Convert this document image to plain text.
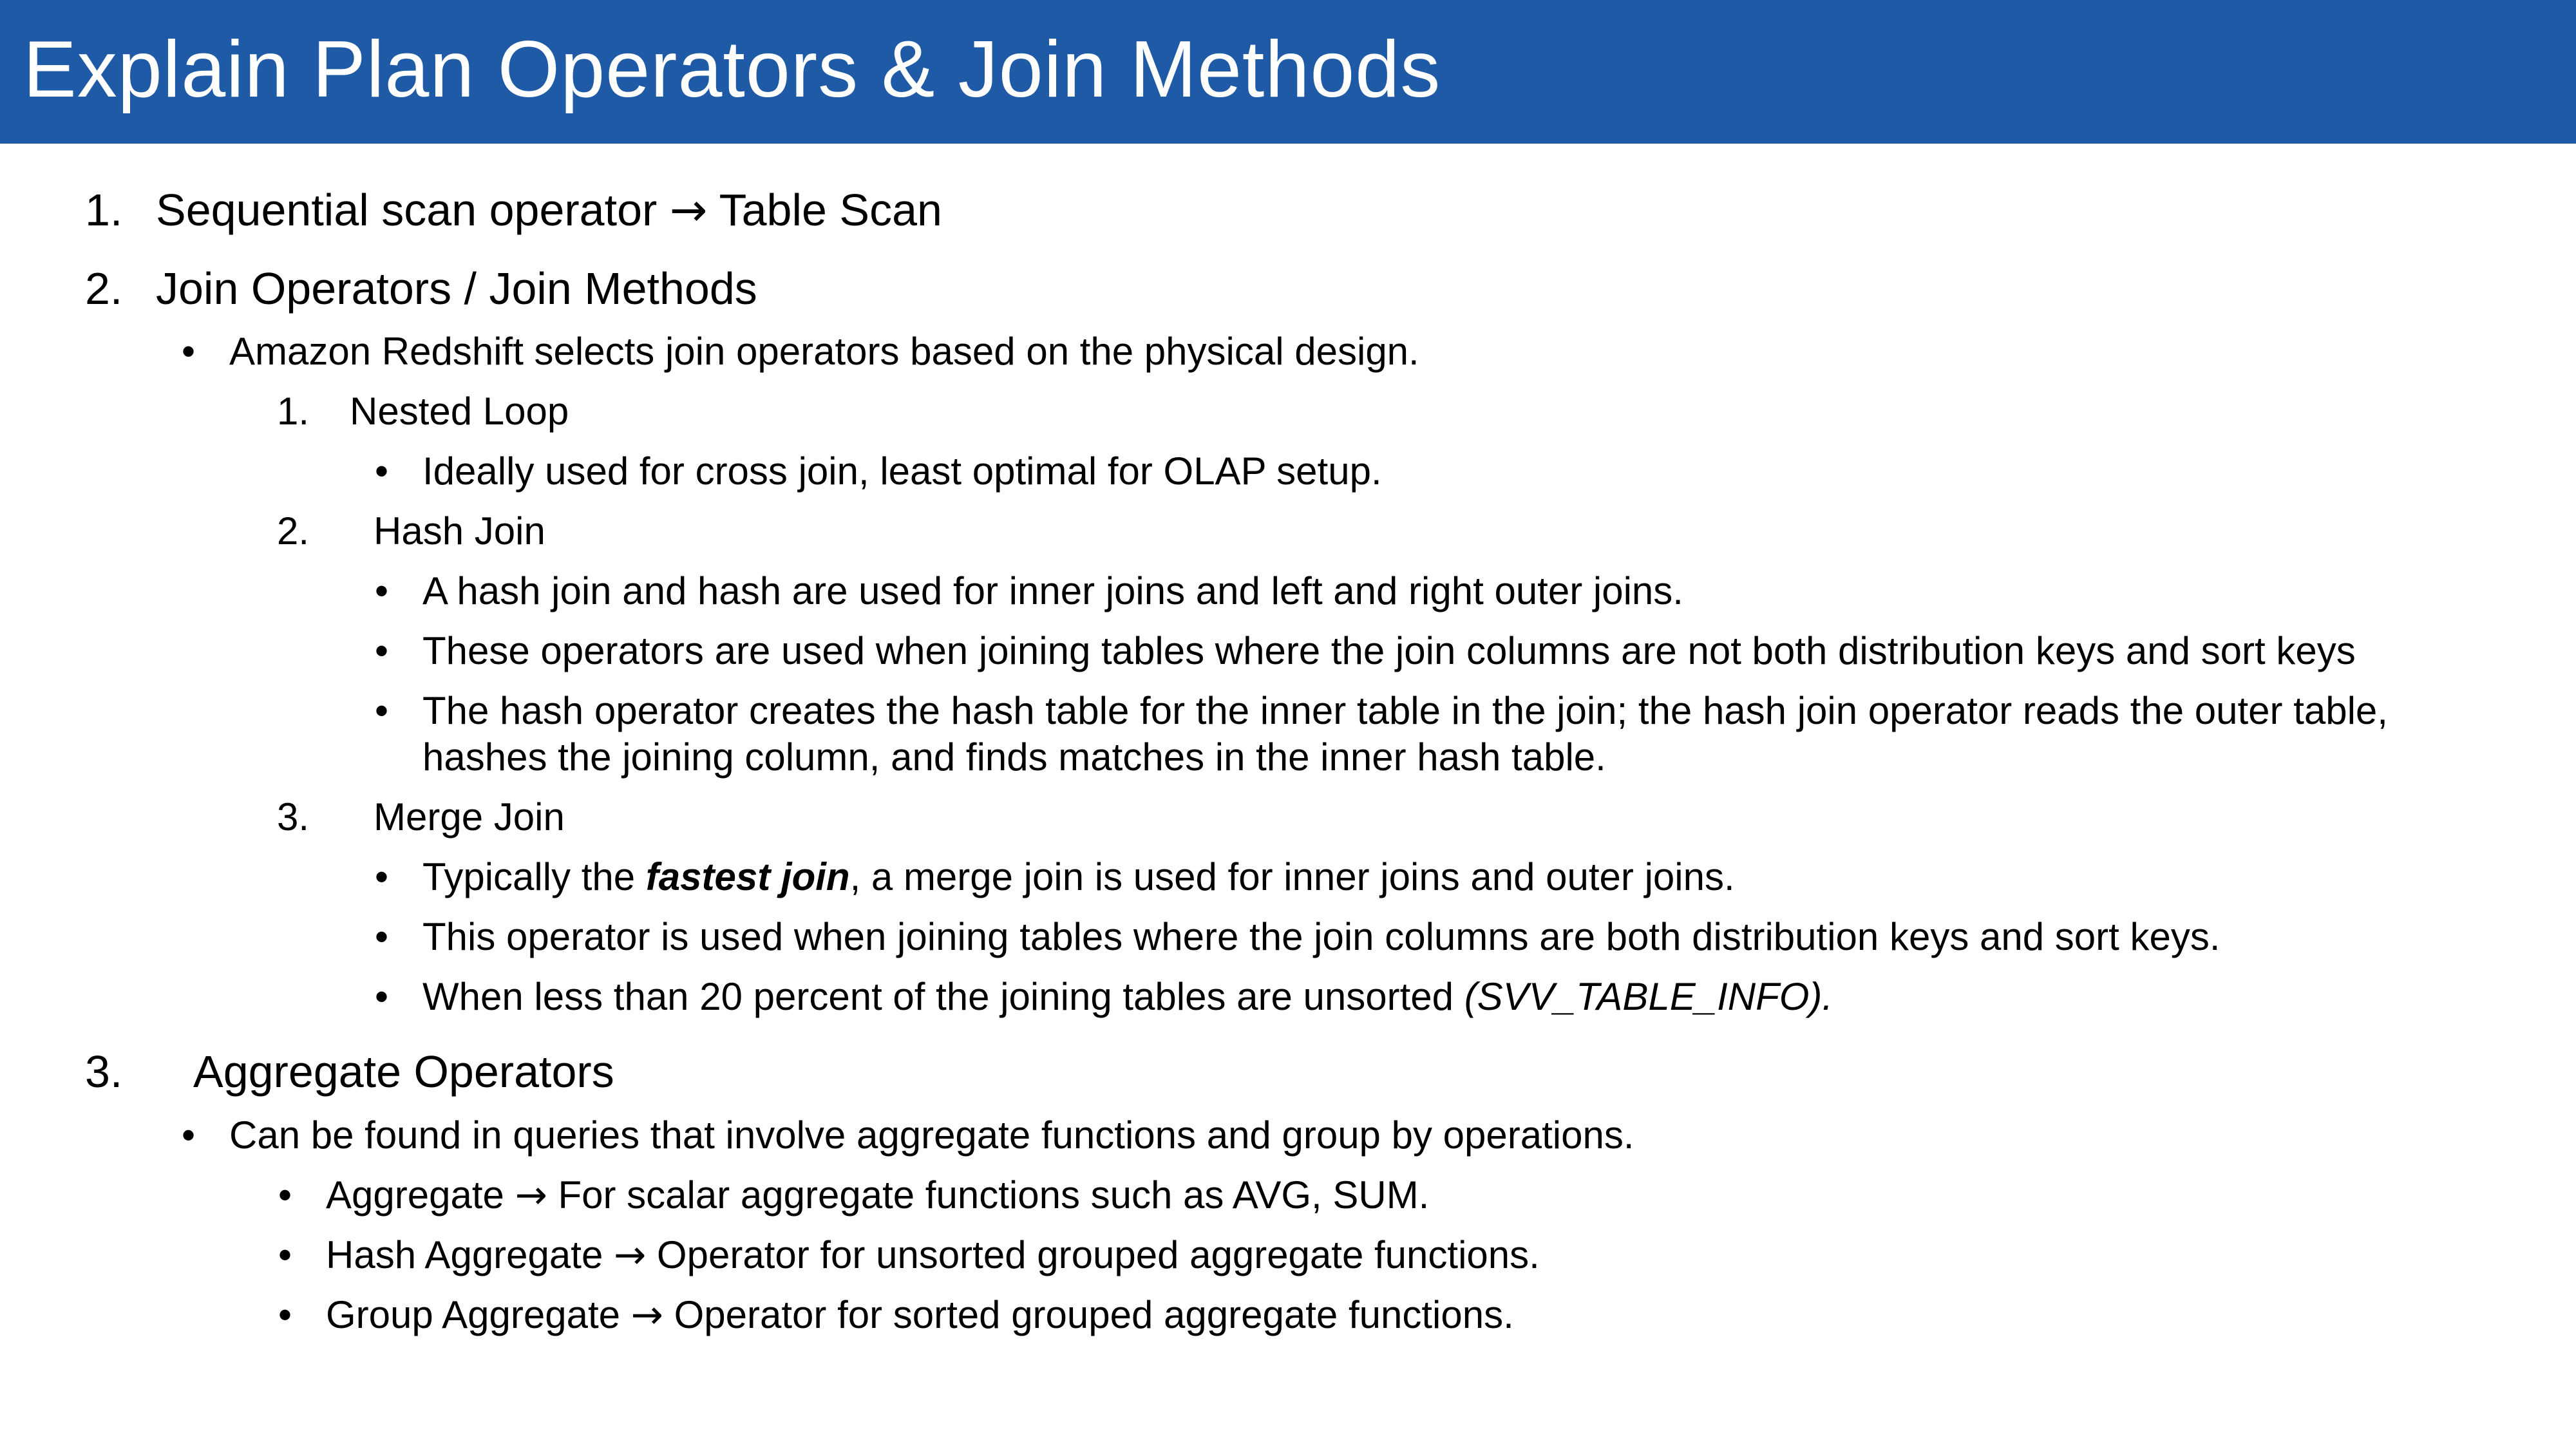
Explain Plan Operators & Join Methods
1. Sequential scan operator → Table Scan
2. Join Operators / Join Methods
• Amazon Redshift selects join operators based on the physical design.
1. Nested Loop
• Ideally used for cross join, least optimal for OLAP setup.
2. Hash Join
• A hash join and hash are used for inner joins and left and right outer joins.
• These operators are used when joining tables where the join columns are not both distribution keys and sort keys
• The hash operator creates the hash table for the inner table in the join; the hash join operator reads the outer table,
hashes the joining column, and finds matches in the inner hash table.
3. Merge Join
• Typically the fastest join, a merge join is used for inner joins and outer joins.
• This operator is used when joining tables where the join columns are both distribution keys and sort keys.
• When less than 20 percent of the joining tables are unsorted (SVV_TABLE_INFO).
3. Aggregate Operators
• Can be found in queries that involve aggregate functions and group by operations.
• Aggregate → For scalar aggregate functions such as AVG, SUM.
• Hash Aggregate → Operator for unsorted grouped aggregate functions.
• Group Aggregate → Operator for sorted grouped aggregate functions.
